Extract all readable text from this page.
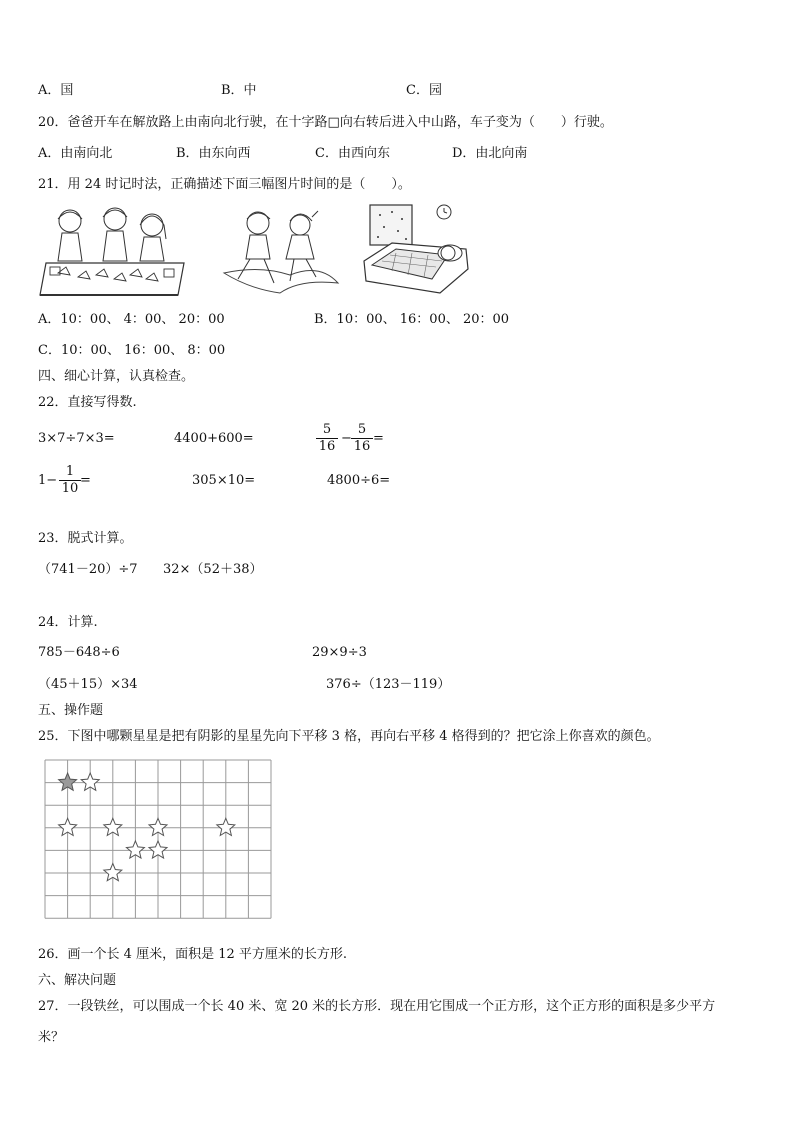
A．国	B．中	C．园
20．爸爸开车在解放路上由南向北行驶，在十字路□向右转后进入中山路，车子变为（　　）行驶。
A．由南向北	B．由东向西	C．由西向东	D．由北向南
21．用 24 时记时法，正确描述下面三幅图片时间的是（　　）。
A．10：00、 4：00、 20：00	B．10：00、 16：00、 20：00
C．10：00、 16：00、 8：00
四、细心计算，认真检查。
22．直接写得数.
3×7÷7×3=	4400+600=	$\frac{5}{16} - \frac{5}{16}$ =
$1- \frac{1}{10}$ =	305×10=	4800÷6=
23．脱式计算。
（741－20）÷7 32×（52＋38）
24．计算.
785－648÷6	29×9÷3
（45＋15）×34	376÷（123－119）
五、操作题
25．下图中哪颗星星是把有阴影的星星先向下平移 3 格，再向右平移 4 格得到的？把它涂上你喜欢的颜色。
26．画一个长 4 厘米，面积是 12 平方厘米的长方形.
六、解决问题
27．一段铁丝，可以围成一个长 40 米、宽 20 米的长方形．现在用它围成一个正方形，这个正方形的面积是多少平方
米？
